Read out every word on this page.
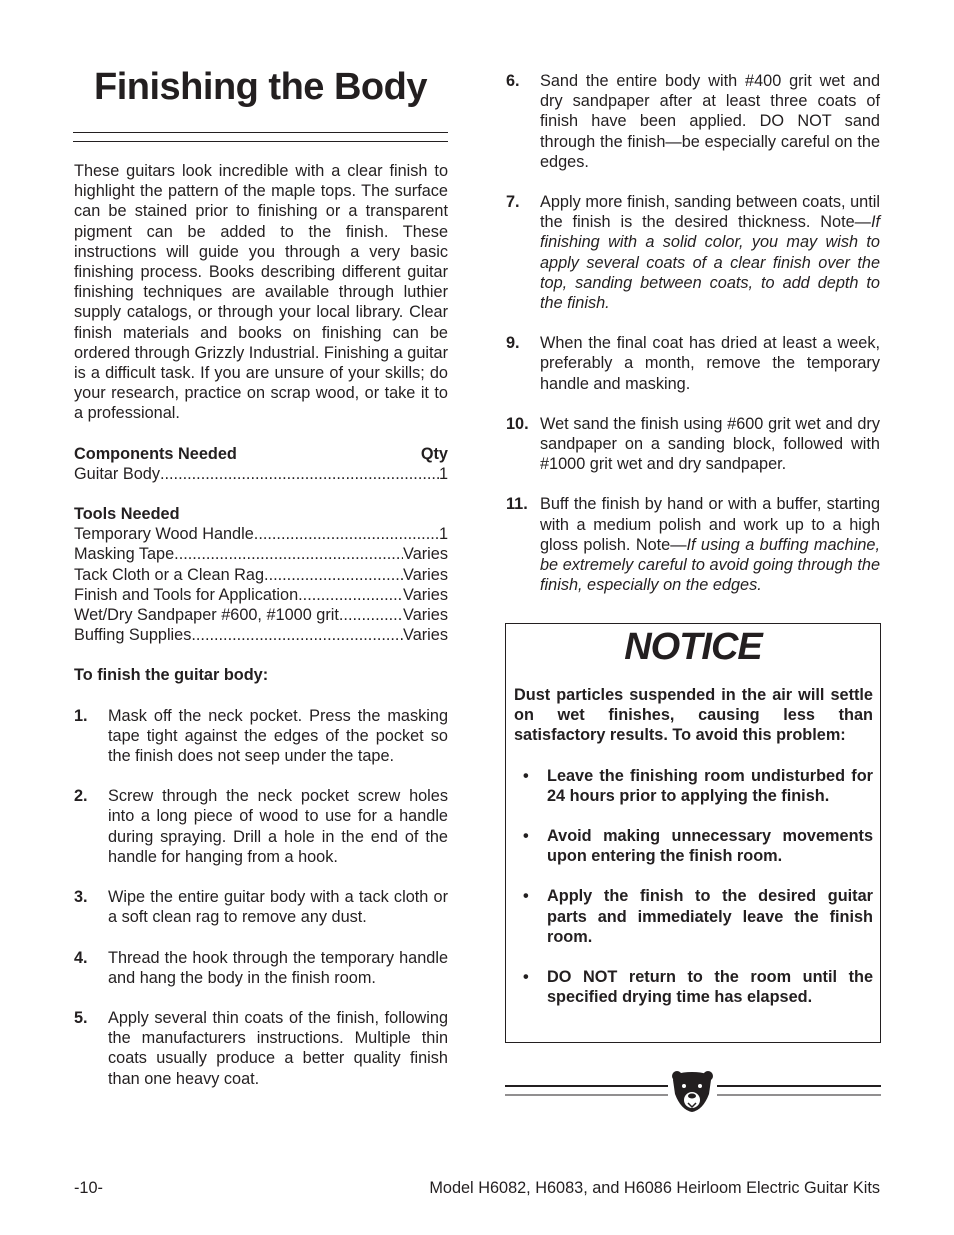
Finishing the Body

These guitars look incredible with a clear finish to highlight the pattern of the maple tops. The surface can be stained prior to finishing or a transparent pigment can be added to the finish. These instructions will guide you through a very basic finishing process. Books describing different guitar finishing techniques are available through luthier supply catalogs, or through your local library. Clear finish materials and books on finishing can be ordered through Grizzly Industrial. Finishing a guitar is a difficult task. If you are unsure of your skills; do your research, practice on scrap wood, or take it to a professional.

Components Needed	Qty
Guitar Body .....	1
Tools Needed
Temporary Wood Handle .....	1
Masking Tape .....	Varies
Tack Cloth or a Clean Rag .....	Varies
Finish and Tools for Application .....	Varies
Wet/Dry Sandpaper #600, #1000 grit .....	Varies
Buffing Supplies .....	Varies
To finish the guitar body:
1.	Mask off the neck pocket. Press the masking tape tight against the edges of the pocket so the finish does not seep under the tape.
2.	Screw through the neck pocket screw holes into a long piece of wood to use for a handle during spraying. Drill a hole in the end of the handle for hanging from a hook.
3.	Wipe the entire guitar body with a tack cloth or a soft clean rag to remove any dust.
4.	Thread the hook through the temporary handle and hang the body in the finish room.
5.	Apply several thin coats of the finish, following the manufacturers instructions. Multiple thin coats usually produce a better quality finish than one heavy coat.
6.	Sand the entire body with #400 grit wet and dry sandpaper after at least three coats of finish have been applied. DO NOT sand through the finish—be especially careful on the edges.
7.	Apply more finish, sanding between coats, until the finish is the desired thickness. Note—If finishing with a solid color, you may wish to apply several coats of a clear finish over the top, sanding between coats, to add depth to the finish.
9.	When the final coat has dried at least a week, preferably a month, remove the temporary handle and masking.
10. Wet sand the finish using #600 grit wet and dry sandpaper on a sanding block, followed with #1000 grit wet and dry sandpaper.
11. Buff the finish by hand or with a buffer, starting with a medium polish and work up to a high gloss polish. Note—If using a buffing machine, be extremely careful to avoid going through the finish, especially on the edges.
NOTICE

Dust particles suspended in the air will settle on wet finishes, causing less than satisfactory results. To avoid this problem:

•	Leave the finishing room undisturbed for 24 hours prior to applying the finish.
•	Avoid making unnecessary movements upon entering the finish room.
•	Apply the finish to the desired guitar parts and immediately leave the finish room.
•	DO NOT return to the room until the specified drying time has elapsed.
-10-	Model H6082, H6083, and H6086 Heirloom Electric Guitar Kits
